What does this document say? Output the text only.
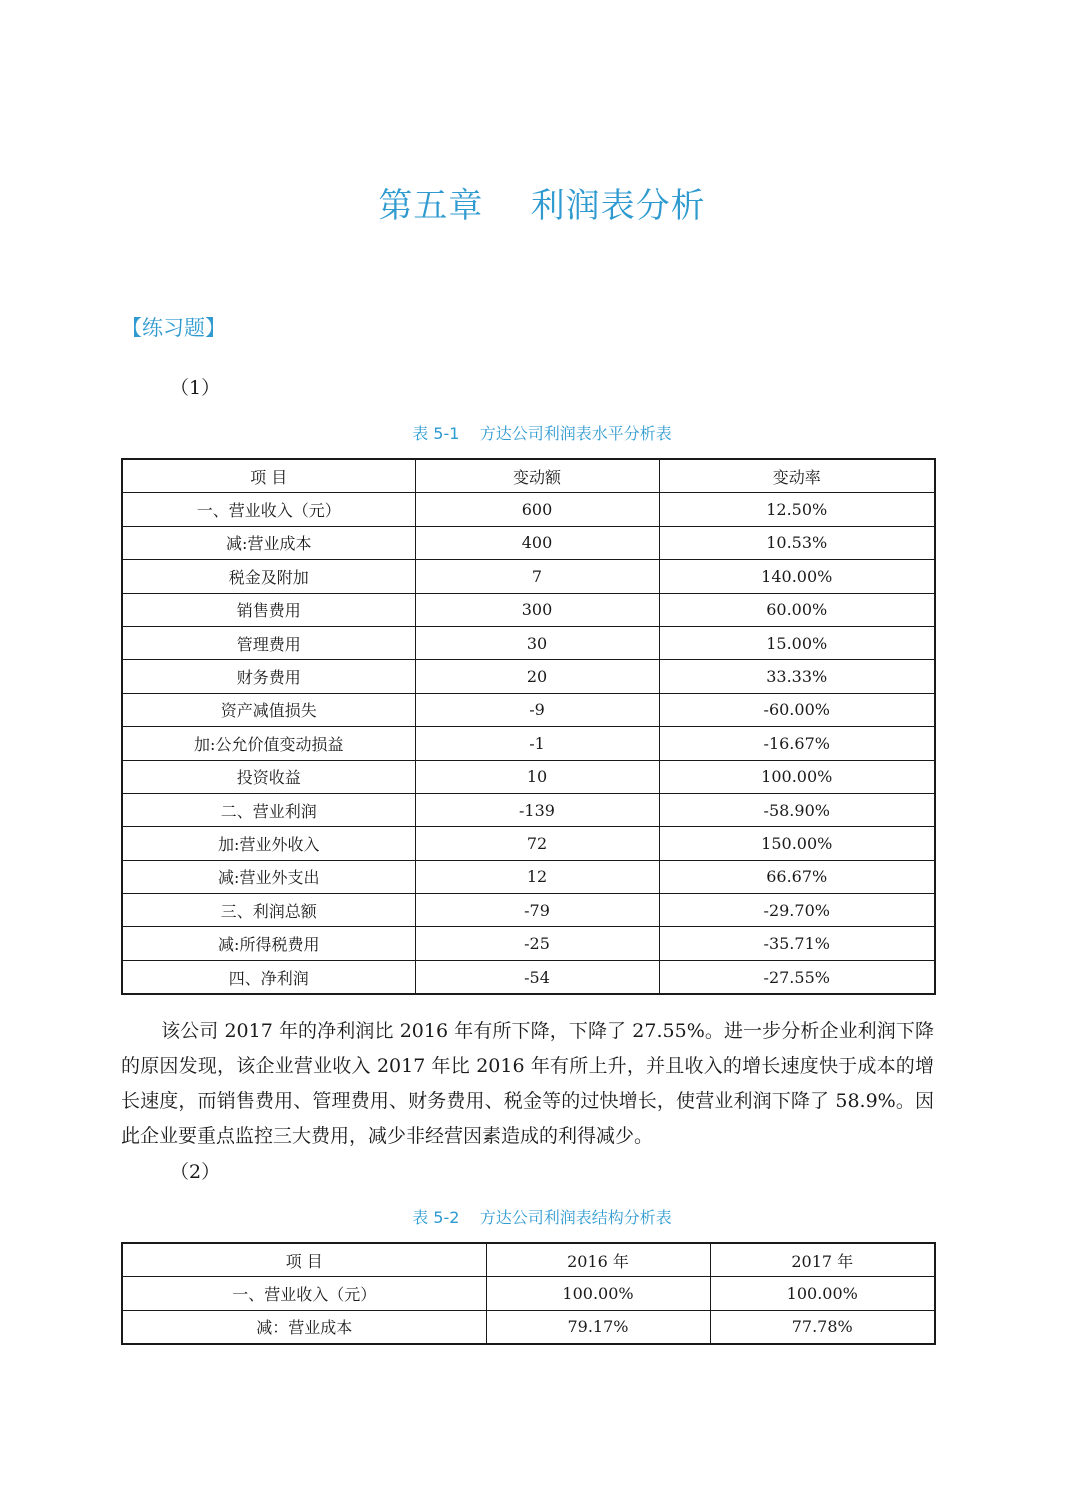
第五章    利润表分析
【练习题】
（1）
表 5-1    方达公司利润表水平分析表
项 目	变动额	变动率
一、营业收入（元）	600	12.50%
减:营业成本	400	10.53%
税金及附加	7	140.00%
销售费用	300	60.00%
管理费用	30	15.00%
财务费用	20	33.33%
资产减值损失	-9	-60.00%
加:公允价值变动损益	-1	-16.67%
投资收益	10	100.00%
二、营业利润	-139	-58.90%
加:营业外收入	72	150.00%
减:营业外支出	12	66.67%
三、利润总额	-79	-29.70%
减:所得税费用	-25	-35.71%
四、净利润	-54	-27.55%

该公司 2017 年的净利润比 2016 年有所下降，下降了 27.55%。进一步分析企业利润下降的原因发现，该企业营业收入 2017 年比 2016 年有所上升，并且收入的增长速度快于成本的增长速度，而销售费用、管理费用、财务费用、税金等的过快增长，使营业利润下降了 58.9%。因此企业要重点监控三大费用，减少非经营因素造成的利得减少。

（2）
表 5-2    方达公司利润表结构分析表
项 目	2016 年	2017 年
一、营业收入（元）	100.00%	100.00%
减：营业成本	79.17%	77.78%
